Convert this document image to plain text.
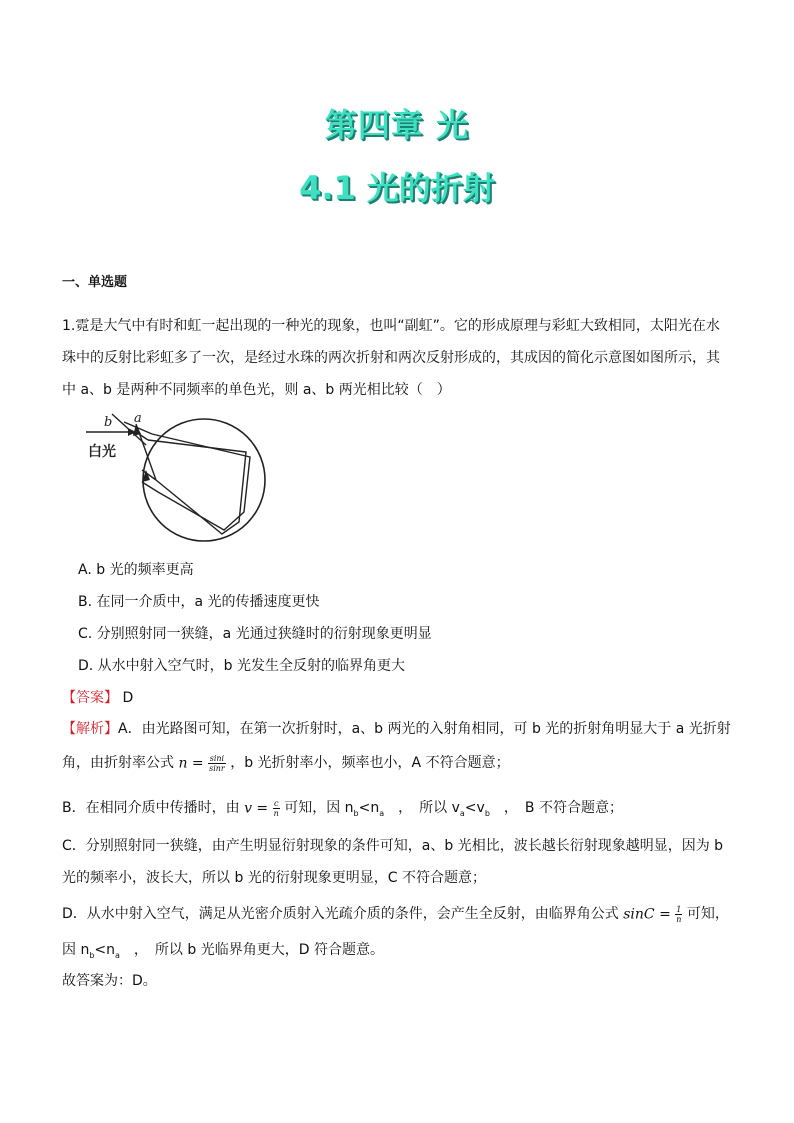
第四章 光
4.1 光的折射
一、单选题
1.霓是大气中有时和虹一起出现的一种光的现象，也叫“副虹”。它的形成原理与彩虹大致相同，太阳光在水珠中的反射比彩虹多了一次，是经过水珠的两次折射和两次反射形成的，其成因的简化示意图如图所示，其中 a、b 是两种不同频率的单色光，则 a、b 两光相比较（　）
b a
白光
A. b 光的频率更高
B. 在同一介质中，a 光的传播速度更快
C. 分别照射同一狭缝，a 光通过狭缝时的衍射现象更明显
D. 从水中射入空气时，b 光发生全反射的临界角更大
【答案】 D
【解析】A．由光路图可知，在第一次折射时，a、b 两光的入射角相同，可 b 光的折射角明显大于 a 光折射
角，由折射率公式 $n = \frac{\sin i}{\sin r}$ ，b 光折射率小，频率也小，A 不符合题意；
B．在相同介质中传播时，由 $v = \frac{c}{n}$ 可知，因 $n_b<n_a$　，　所以 $v_a<v_b$　，　B 不符合题意；
C．分别照射同一狭缝，由产生明显衍射现象的条件可知，a、b 光相比，波长越长衍射现象越明显，因为 b
光的频率小，波长大，所以 b 光的衍射现象更明显，C 不符合题意；
D．从水中射入空气，满足从光密介质射入光疏介质的条件，会产生全反射，由临界角公式 $\sin C = \frac{1}{n}$ 可知，
因 $n_b<n_a$　，　所以 b 光临界角更大，D 符合题意。
故答案为：D。
